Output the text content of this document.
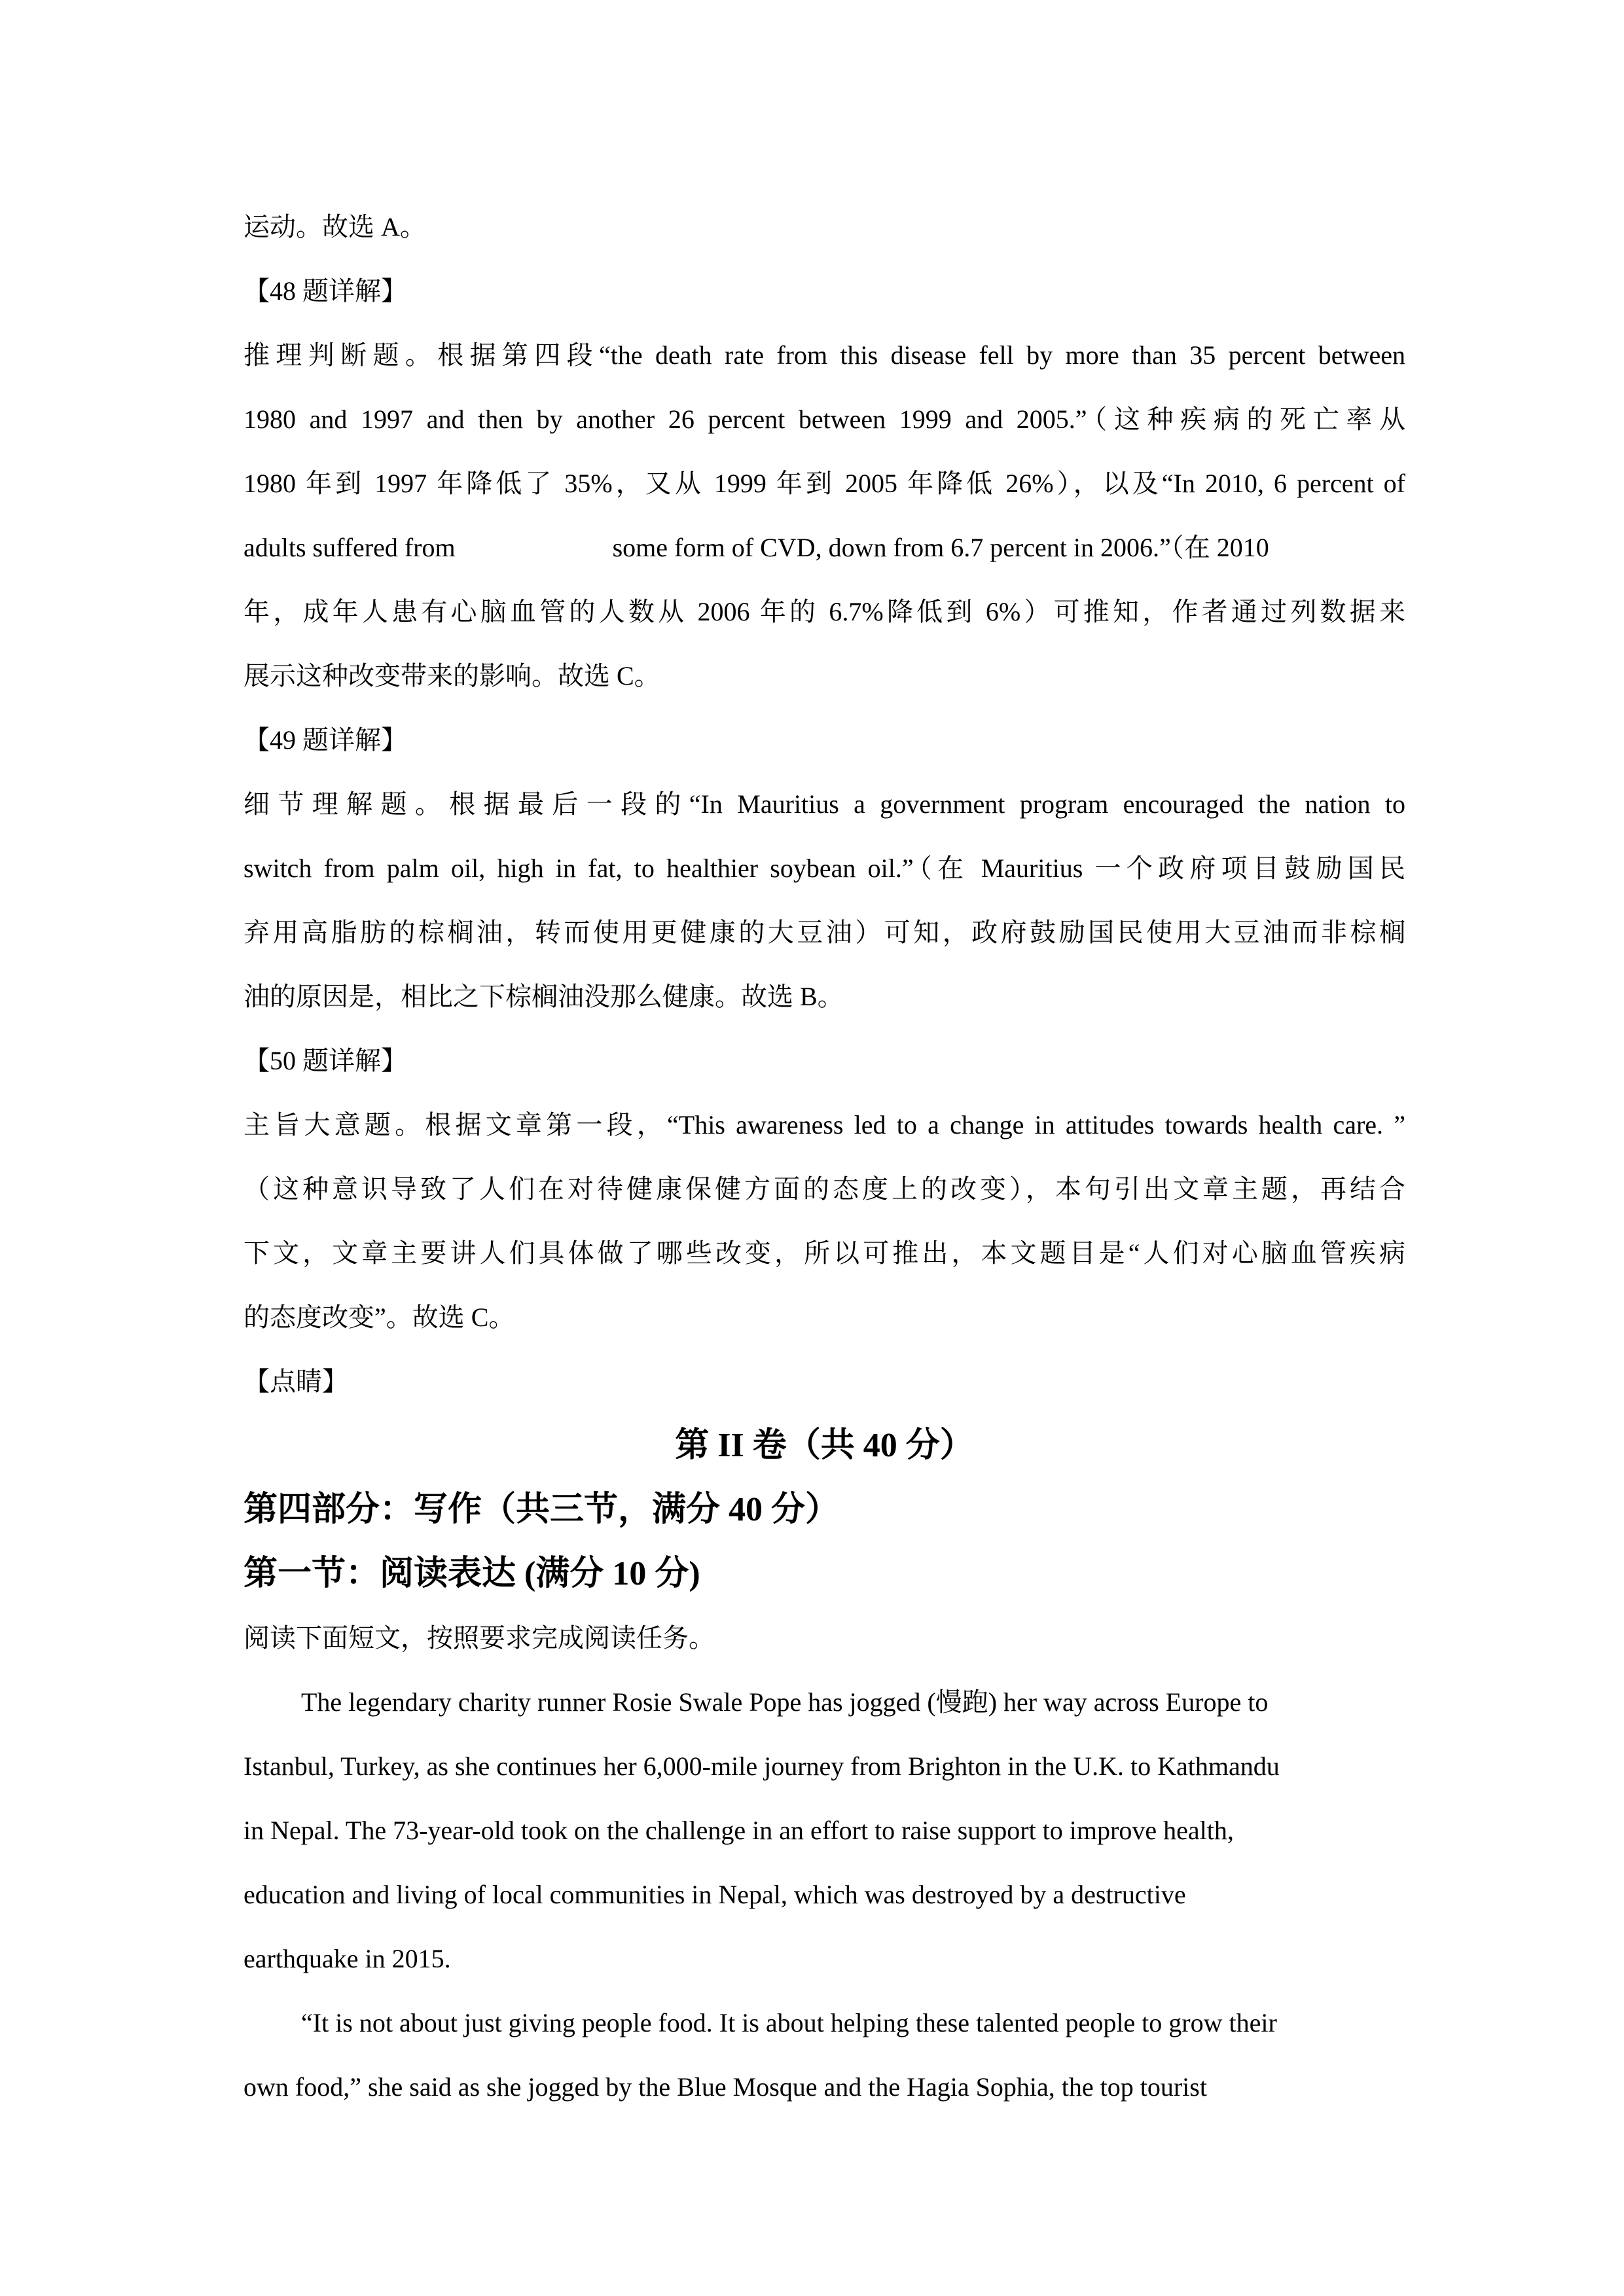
运动。故选 A。
【48 题详解】
推理判断题。根据第四段“the death rate from this disease fell by more than 35 percent between
1980 and 1997 and then by another 26 percent between 1999 and 2005.”（这种疾病的死亡率从
1980 年到 1997 年降低了 35%，又从 1999 年到 2005 年降低 26%），以及“In 2010, 6 percent of
adults suffered from　　　　　　some form of CVD, down from 6.7 percent in 2006.”（在 2010
年，成年人患有心脑血管的人数从 2006 年的 6.7%降低到 6%）可推知，作者通过列数据来
展示这种改变带来的影响。故选 C。
【49 题详解】
细节理解题。根据最后一段的“In Mauritius a government program encouraged the nation to
switch from palm oil, high in fat, to healthier soybean oil.”（在 Mauritius 一个政府项目鼓励国民
弃用高脂肪的棕榈油，转而使用更健康的大豆油）可知，政府鼓励国民使用大豆油而非棕榈
油的原因是，相比之下棕榈油没那么健康。故选 B。
【50 题详解】
主旨大意题。根据文章第一段，“This awareness led to a change in attitudes towards health care. ”
（这种意识导致了人们在对待健康保健方面的态度上的改变），本句引出文章主题，再结合
下文，文章主要讲人们具体做了哪些改变，所以可推出，本文题目是“人们对心脑血管疾病
的态度改变”。故选 C。
【点睛】
第 II 卷（共 40 分）
第四部分：写作（共三节，满分 40 分）
第一节：阅读表达 (满分 10 分)
阅读下面短文，按照要求完成阅读任务。
The legendary charity runner Rosie Swale Pope has jogged (慢跑) her way across Europe to
Istanbul, Turkey, as she continues her 6,000-mile journey from Brighton in the U.K. to Kathmandu
in Nepal. The 73-year-old took on the challenge in an effort to raise support to improve health,
education and living of local communities in Nepal, which was destroyed by a destructive
earthquake in 2015.
“It is not about just giving people food. It is about helping these talented people to grow their
own food,” she said as she jogged by the Blue Mosque and the Hagia Sophia, the top tourist
